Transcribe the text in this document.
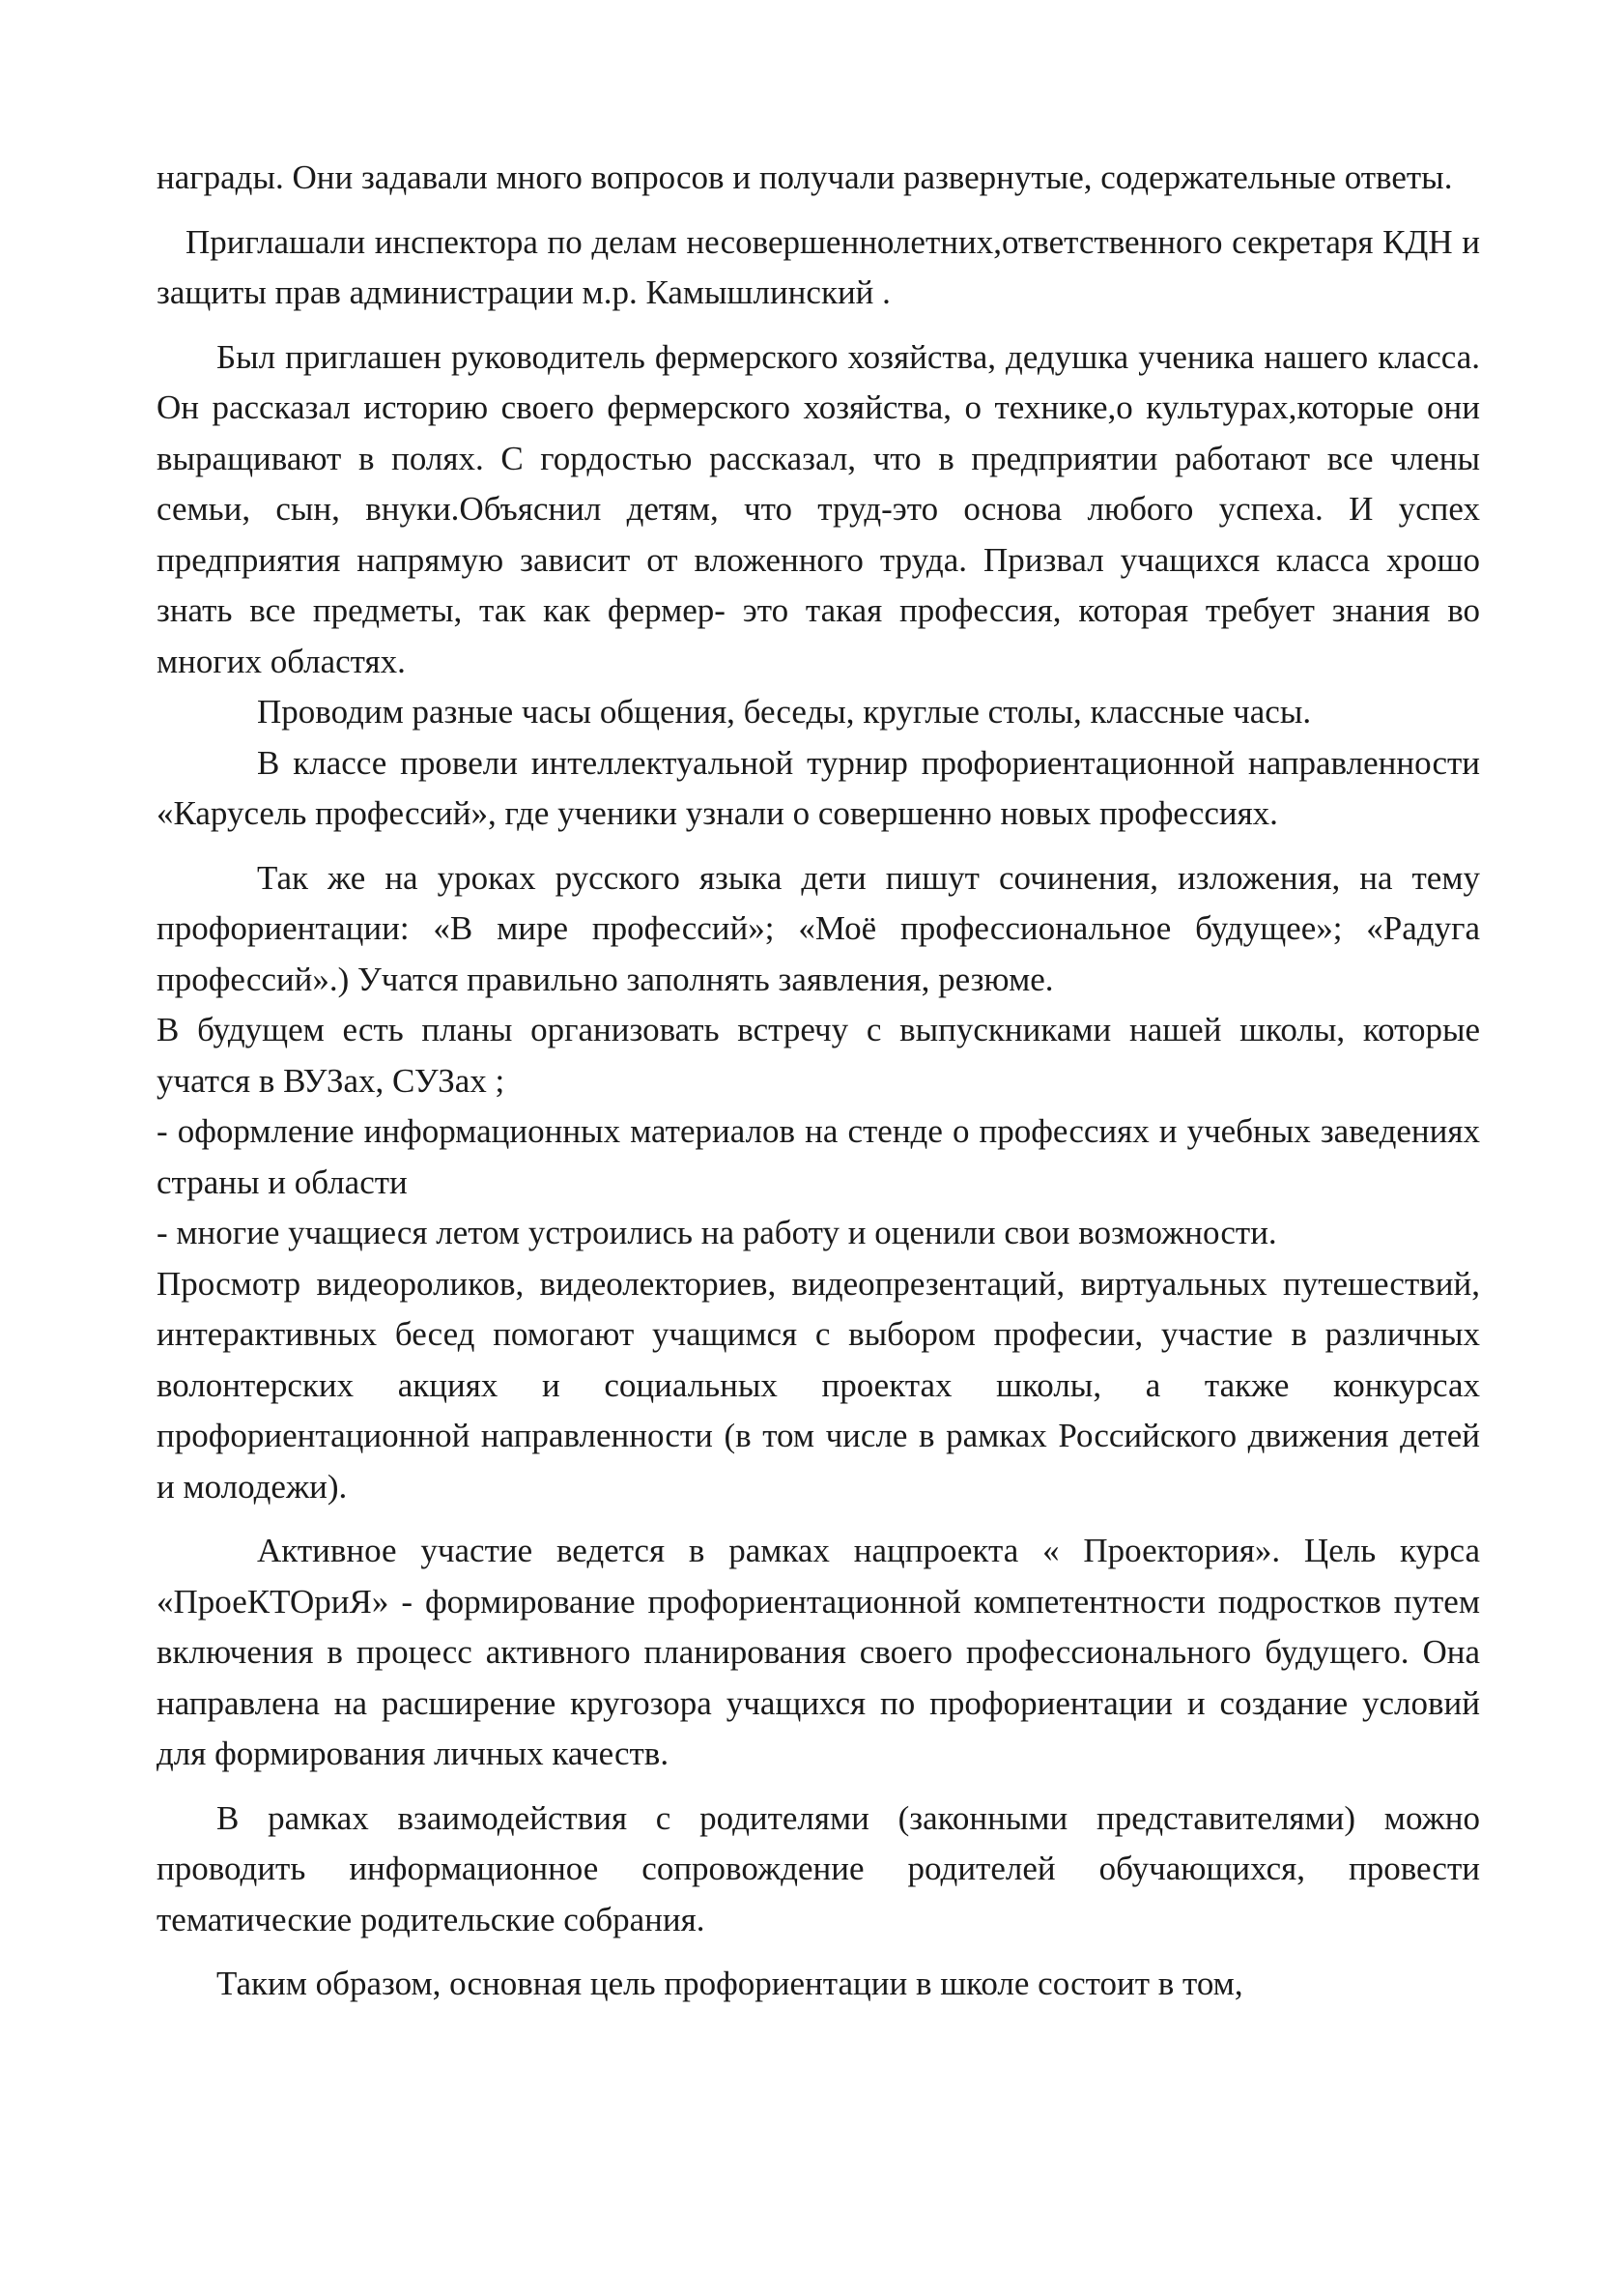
награды. Они задавали много вопросов и получали развернутые, содержательные ответы.

Приглашали инспектора по делам несовершеннолетних,ответственного секретаря КДН и защиты прав администрации м.р. Камышлинский .

Был приглашен руководитель фермерского хозяйства, дедушка ученика нашего класса. Он рассказал историю своего фермерского хозяйства, о технике,о культурах,которые они выращивают в полях. С гордостью рассказал, что в предприятии работают все члены семьи, сын, внуки.Объяснил детям, что труд-это основа любого успеха. И успех предприятия напрямую зависит от вложенного труда. Призвал учащихся класса хрошо знать все предметы, так как фермер- это такая профессия, которая требует знания во многих областях.

Проводим разные часы общения, беседы, круглые столы, классные часы.

В классе провели интеллектуальной турнир профориентационной направленности «Карусель профессий», где ученики узнали о совершенно новых профессиях.

Так же на уроках русского языка дети пишут сочинения, изложения, на тему профориентации: «В мире профессий»; «Моё профессиональное будущее»; «Радуга профессий».) Учатся правильно заполнять заявления, резюме.

В будущем есть планы организовать встречу с выпускниками нашей школы, которые учатся в ВУЗах, СУЗах ;

- оформление информационных материалов на стенде о профессиях и учебных заведениях страны и области

- многие учащиеся летом устроились на работу и оценили свои возможности.

Просмотр видеороликов, видеолекториев, видеопрезентаций, виртуальных путешествий, интерактивных бесед помогают учащимся с выбором професии, участие в различных волонтерских акциях и социальных проектах школы, а также конкурсах профориентационной направленности (в том числе в рамках Российского движения детей и молодежи).

Активное участие ведется в рамках нацпроекта « Проектория». Цель курса «ПроеКТОриЯ» - формирование профориентационной компетентности подростков путем включения в процесс активного планирования своего профессионального будущего. Она направлена на расширение кругозора учащихся по профориентации и создание условий для формирования личных качеств.

В рамках взаимодействия с родителями (законными представителями) можно проводить информационное сопровождение родителей обучающихся, провести тематические родительские собрания.

Таким образом, основная цель профориентации в школе состоит в том,
